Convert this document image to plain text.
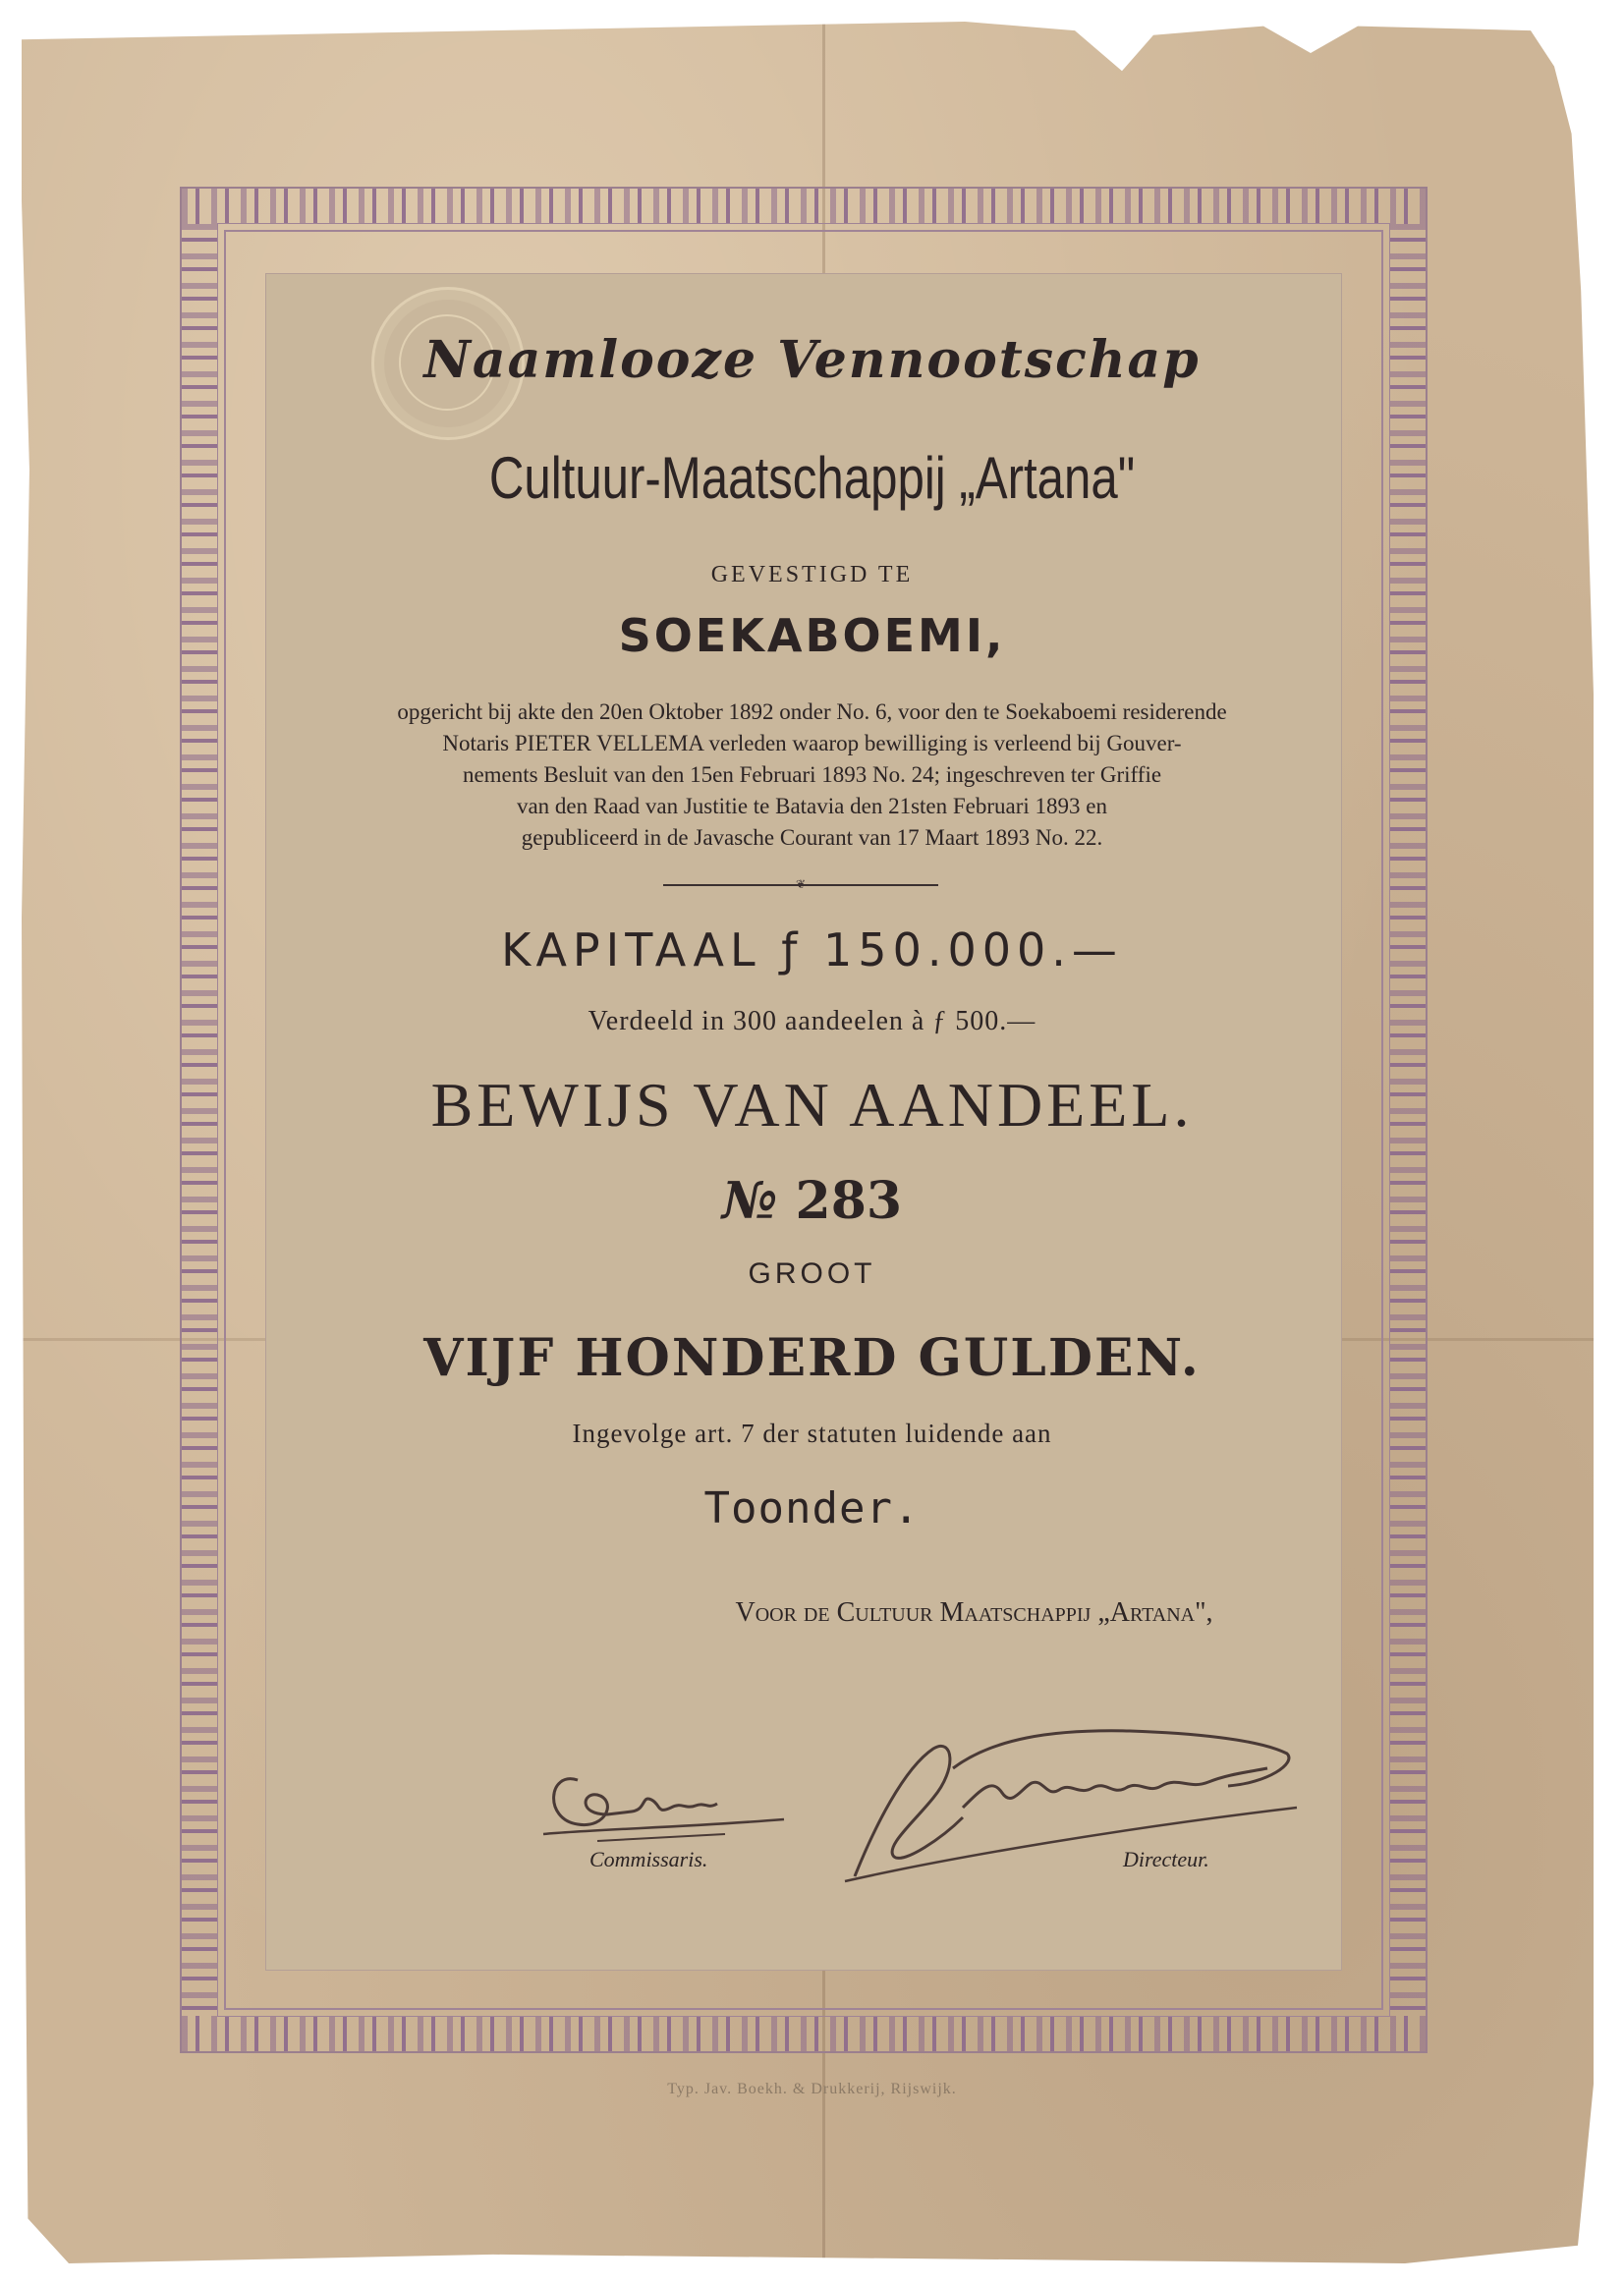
Naamlooze Vennootschap
Cultuur-Maatschappij „Artana"
GEVESTIGD TE
SOEKABOEMI,
opgericht bij akte den 20en Oktober 1892 onder No. 6, voor den te Soekaboemi residerende
Notaris PIETER VELLEMA verleden waarop bewilliging is verleend bij Gouver-
nements Besluit van den 15en Februari 1893 No. 24; ingeschreven ter Griffie
van den Raad van Justitie te Batavia den 21sten Februari 1893 en
gepubliceerd in de Javasche Courant van 17 Maart 1893 No. 22.
❦
KAPITAAL ƒ 150.000.—
Verdeeld in 300 aandeelen à ƒ 500.—
BEWIJS VAN AANDEEL.
№ 283
GROOT
VIJF HONDERD GULDEN.
Ingevolge art. 7 der statuten luidende aan
Toonder.
Voor de Cultuur Maatschappij „Artana",
Commissaris.	Directeur.
Typ. Jav. Boekh. & Drukkerij, Rijswijk.
